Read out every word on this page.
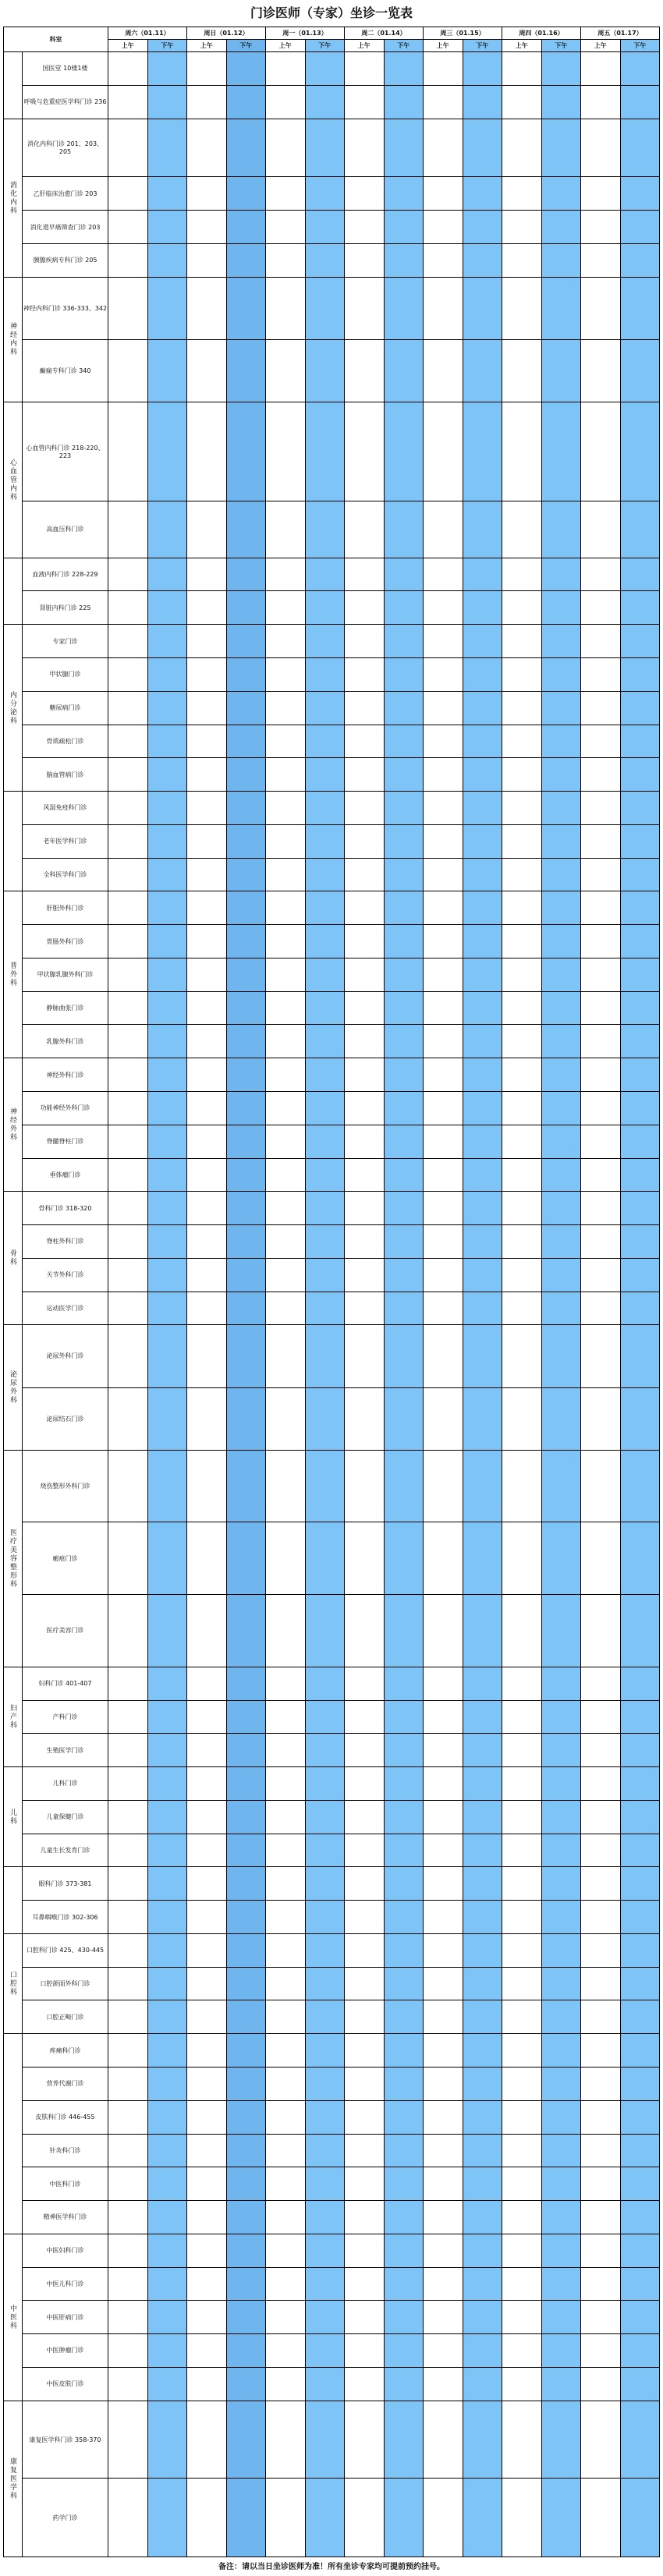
门诊医师（专家）坐诊一览表
科室		周六（01.11）		周日（01.12）		周一（01.13）		周二（01.14）		周三（01.15）		周四（01.16）		周五（01.17）	
		上午	下午	上午	下午	上午	下午	上午	下午	上午	下午	上午	下午	上午	下午
	国医堂 10楼1楼														
	呼吸与危重症医学科门诊 236														
消化内科	消化内科门诊 201、203、205														
	乙肝临床治愈门诊 203														
	消化道早癌筛查门诊 203														
	胰腺疾病专科门诊 205														
神经内科	神经内科门诊 336-333、342														
	癫痫专科门诊 340														
心血管内科	心血管内科门诊 218-220、223														
	高血压科门诊														
	血液内科门诊 228-229														
	肾脏内科门诊 225														
内分泌科	专家门诊														
	甲状腺门诊														
	糖尿病门诊														
	骨质疏松门诊														
	脑血管病门诊														
	风湿免疫科门诊														
	老年医学科门诊														
	全科医学科门诊														
普外科	肝胆外科门诊														
	胃肠外科门诊														
	甲状腺乳腺外科门诊														
	静脉曲张门诊														
	乳腺外科门诊														
神经外科	神经外科门诊														
	功能神经外科门诊														
	脊髓脊柱门诊														
	垂体瘤门诊														
骨科	骨科门诊 318-320														
	脊柱外科门诊														
	关节外科门诊														
	运动医学门诊														
泌尿外科	泌尿外科门诊														
	泌尿结石门诊														
医疗美容整形科	烧伤整形外科门诊														
	瘢痕门诊														
	医疗美容门诊														
妇产科	妇科门诊 401-407														
	产科门诊														
	生殖医学门诊														
儿科	儿科门诊														
	儿童保健门诊														
	儿童生长发育门诊														
	眼科门诊 373-381														
	耳鼻咽喉门诊 302-306														
口腔科	口腔科门诊 425、430-445														
	口腔颌面外科门诊														
	口腔正畸门诊														
	疼痛科门诊														
	营养代谢门诊														
	皮肤科门诊 446-455														
	针灸科门诊														
	中医科门诊														
	精神医学科门诊														
中医科	中医妇科门诊														
	中医儿科门诊														
	中医肝病门诊														
	中医肿瘤门诊														
	中医皮肤门诊														
康复医学科	康复医学科门诊 358-370														
	药学门诊														
备注：请以当日坐诊医师为准！所有坐诊专家均可提前预约挂号。
